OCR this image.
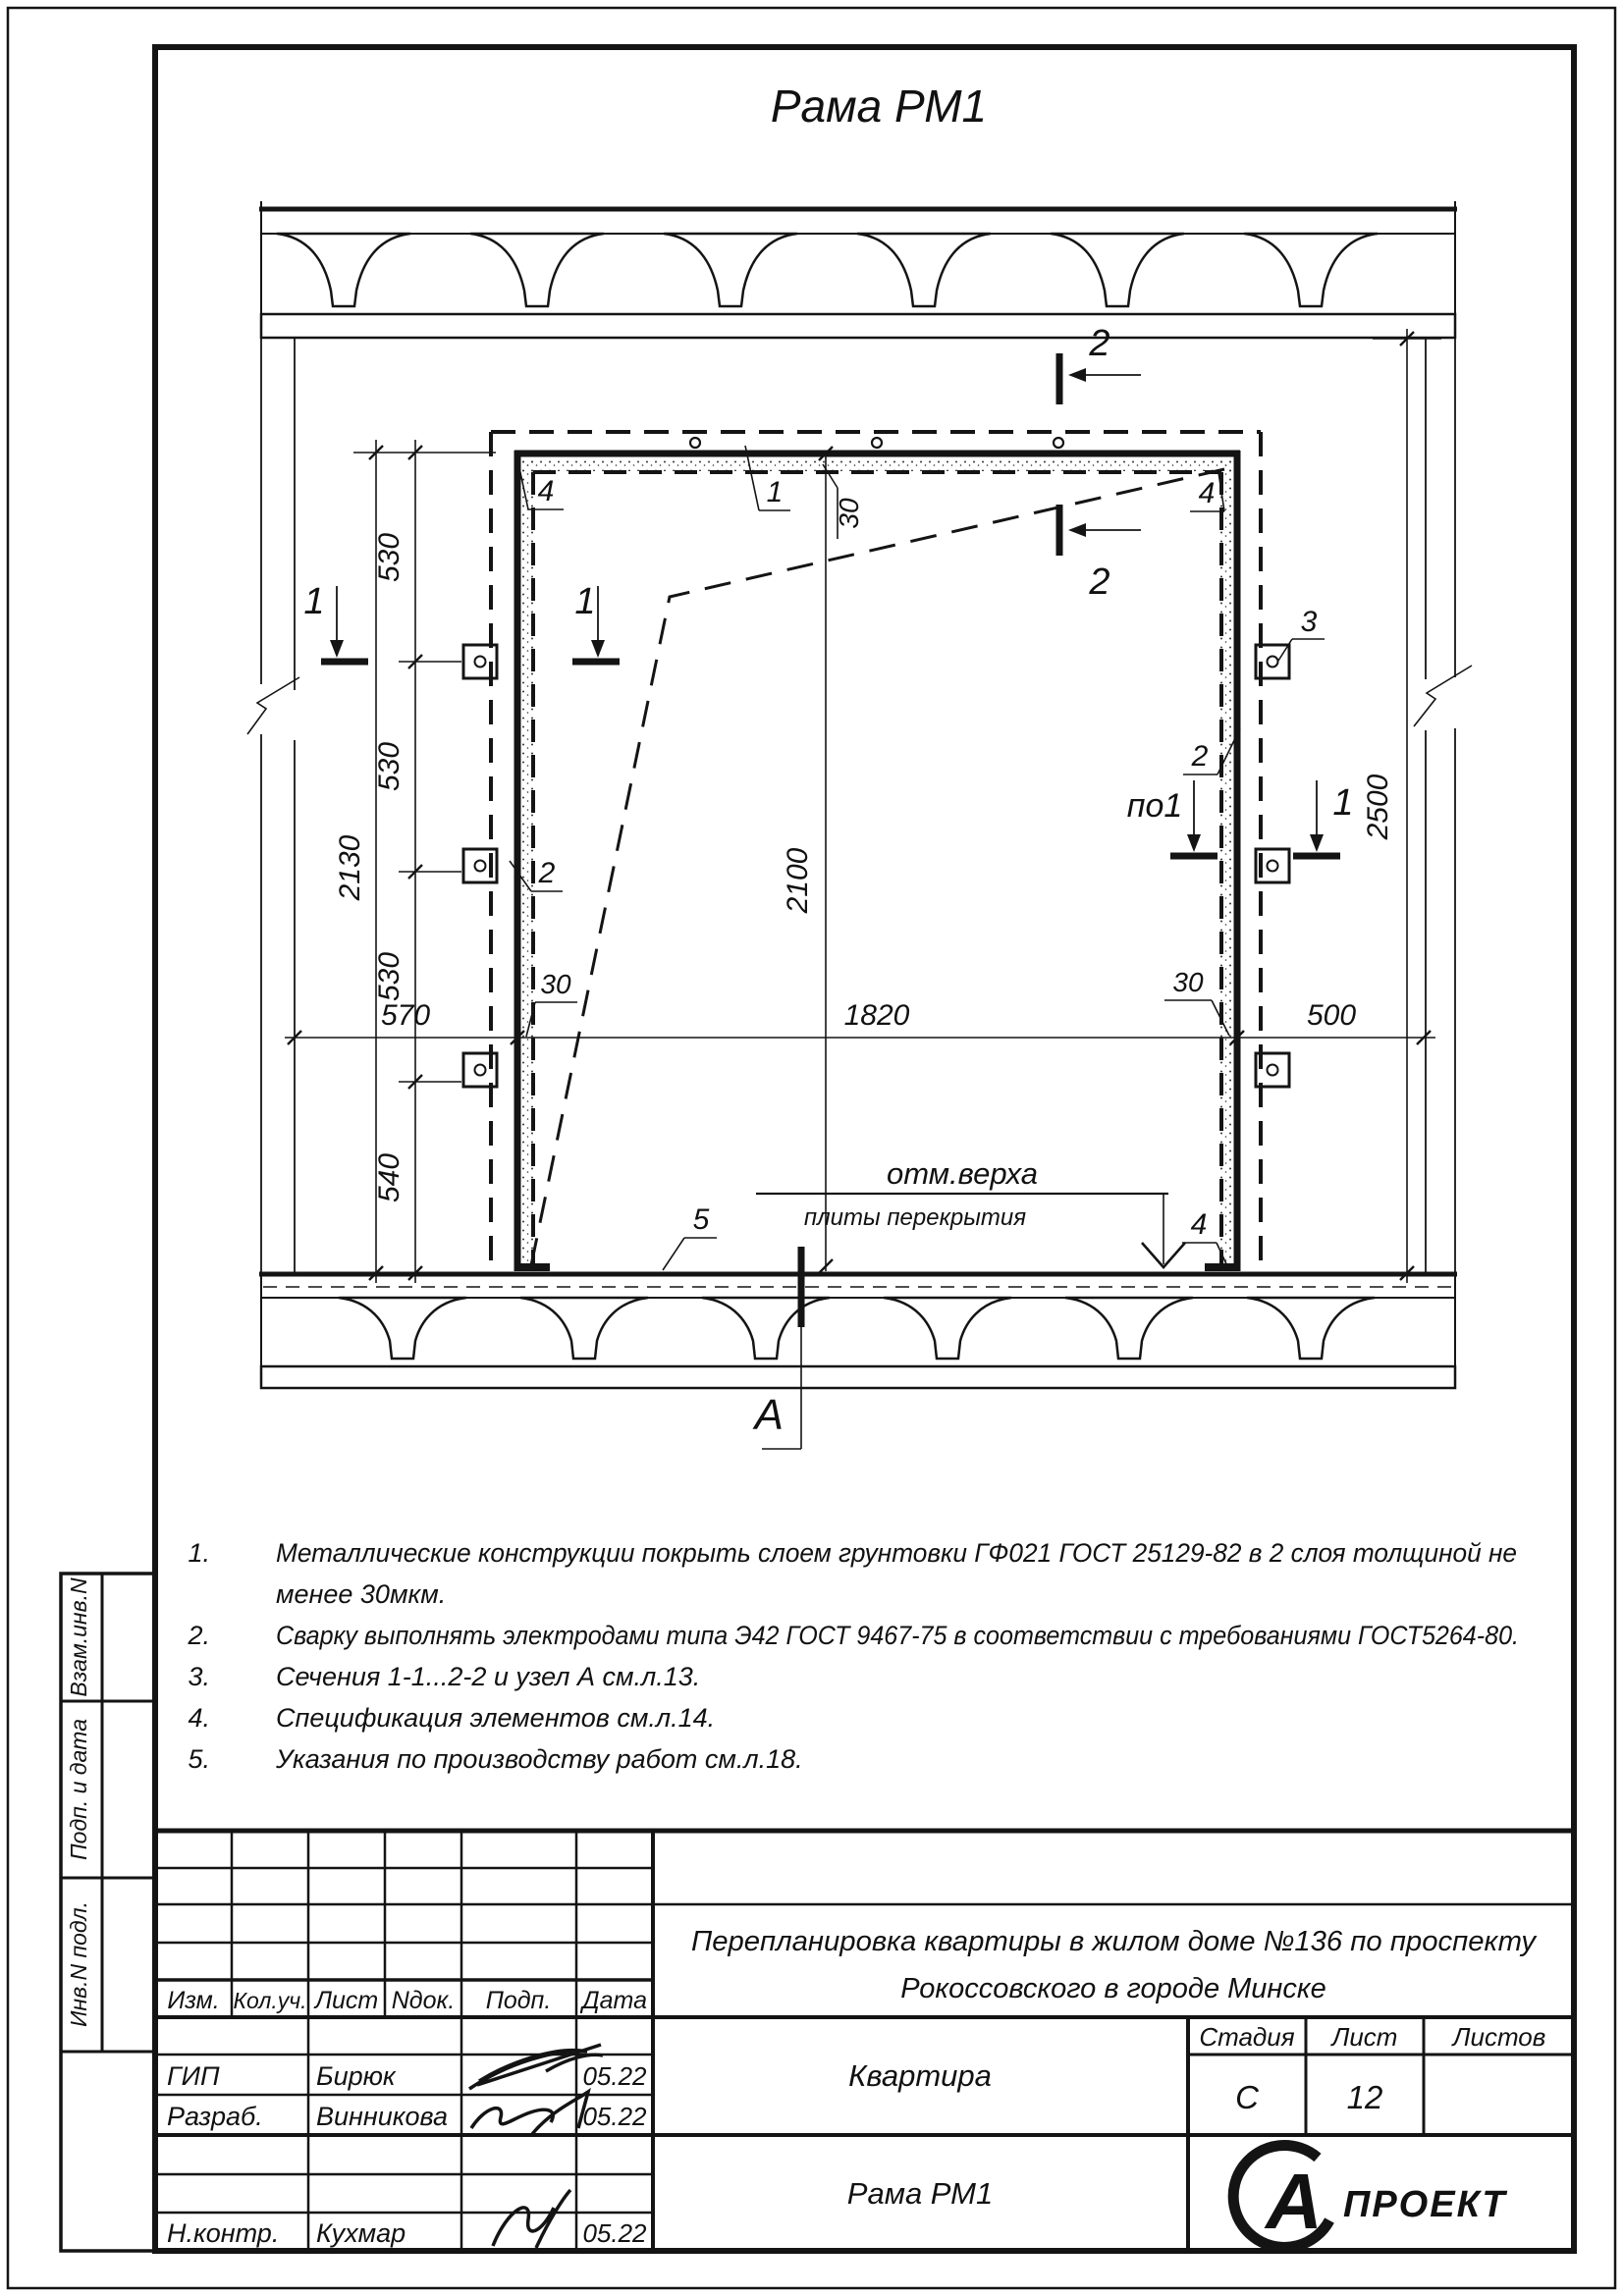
Взам.инв.N
Подп. и дата
Инв.N подл.
Рама РМ1
530
530
530
540
2130	2100
2500
570	1820	500
30
30	30
1	1
2
2
по1	1
А
4	1	4
3
2
2
5	4
отм.верха
плиты перекрытия
1. Металлические конструкции покрыть слоем грунтовки ГФ021 ГОСТ 25129-82 в 2 слоя толщиной не
менее 30мкм.
2. Сварку выполнять электродами типа Э42 ГОСТ 9467-75 в соответствии с требованиями ГОСТ5264-80.
3. Сечения 1-1...2-2 и узел А см.л.13.
4. Спецификация элементов см.л.14.
5. Указания по производству работ см.л.18.
Изм. Кол.уч. Лист Nдок. Подп. Дата
ГИП	Бирюк	05.22
Разраб. Винникова	05.22
Н.контр. Кухмар	05.22
Перепланировка квартиры в жилом доме №136 по проспекту
Рокоссовского в городе Минске
Квартира
Рама РМ1
Стадия Лист Листов
С	12
А ПРОЕКТ
